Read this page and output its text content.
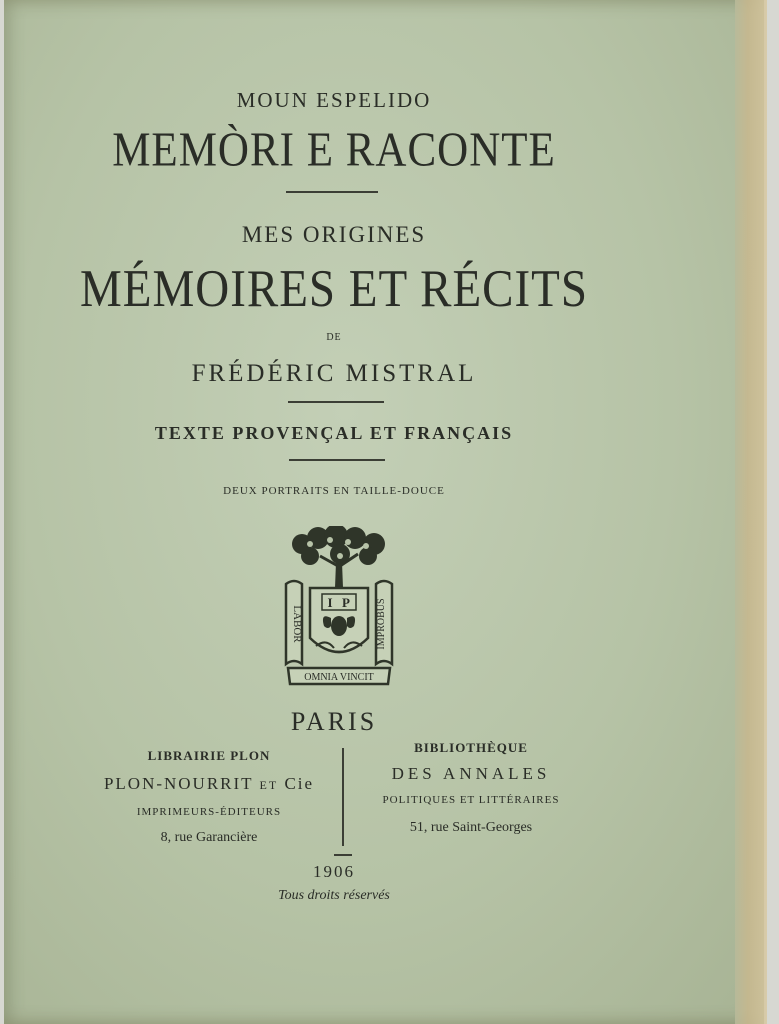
MOUN ESPELIDO
MEMÒRI E RACONTE
MES ORIGINES
MÉMOIRES ET RÉCITS
DE
FRÉDÉRIC MISTRAL
TEXTE PROVENÇAL ET FRANÇAIS
DEUX PORTRAITS EN TAILLE-DOUCE
LABOR	IMPROBUS
I P
OMNIA VINCIT
PARIS
LIBRAIRIE PLON
PLON-NOURRIT ET Cie
IMPRIMEURS-ÉDITEURS
8, rue Garancière
BIBLIOTHÈQUE
DES ANNALES
POLITIQUES ET LITTÉRAIRES
51, rue Saint-Georges
1906
Tous droits réservés
